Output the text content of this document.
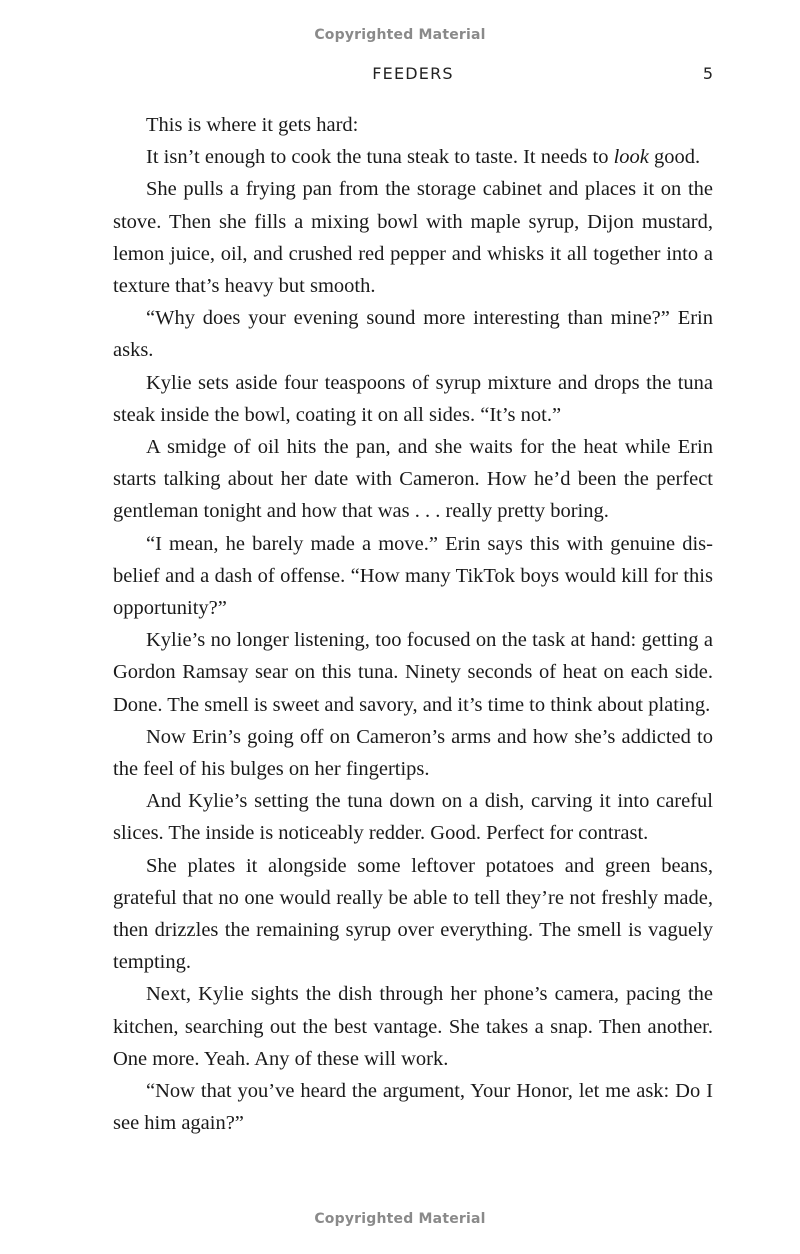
Copyrighted Material
FEEDERS	5

This is where it gets hard:

It isn’t enough to cook the tuna steak to taste. It needs to look good.

She pulls a frying pan from the storage cabinet and places it on the stove. Then she fills a mixing bowl with maple syrup, Dijon mustard, lemon juice, oil, and crushed red pepper and whisks it all together into a texture that’s heavy but smooth.

“Why does your evening sound more interesting than mine?” Erin asks.

Kylie sets aside four teaspoons of syrup mixture and drops the tuna steak inside the bowl, coating it on all sides. “It’s not.”

A smidge of oil hits the pan, and she waits for the heat while Erin starts talking about her date with Cameron. How he’d been the perfect gentleman tonight and how that was . . . really pretty boring.

“I mean, he barely made a move.” Erin says this with genuine disbelief and a dash of offense. “How many TikTok boys would kill for this opportunity?”

Kylie’s no longer listening, too focused on the task at hand: getting a Gordon Ramsay sear on this tuna. Ninety seconds of heat on each side. Done. The smell is sweet and savory, and it’s time to think about plating.

Now Erin’s going off on Cameron’s arms and how she’s addicted to the feel of his bulges on her fingertips.

And Kylie’s setting the tuna down on a dish, carving it into careful slices. The inside is noticeably redder. Good. Perfect for contrast.

She plates it alongside some leftover potatoes and green beans, grateful that no one would really be able to tell they’re not freshly made, then drizzles the remaining syrup over everything. The smell is vaguely tempting.

Next, Kylie sights the dish through her phone’s camera, pacing the kitchen, searching out the best vantage. She takes a snap. Then another. One more. Yeah. Any of these will work.

“Now that you’ve heard the argument, Your Honor, let me ask: Do I see him again?”

Copyrighted Material
